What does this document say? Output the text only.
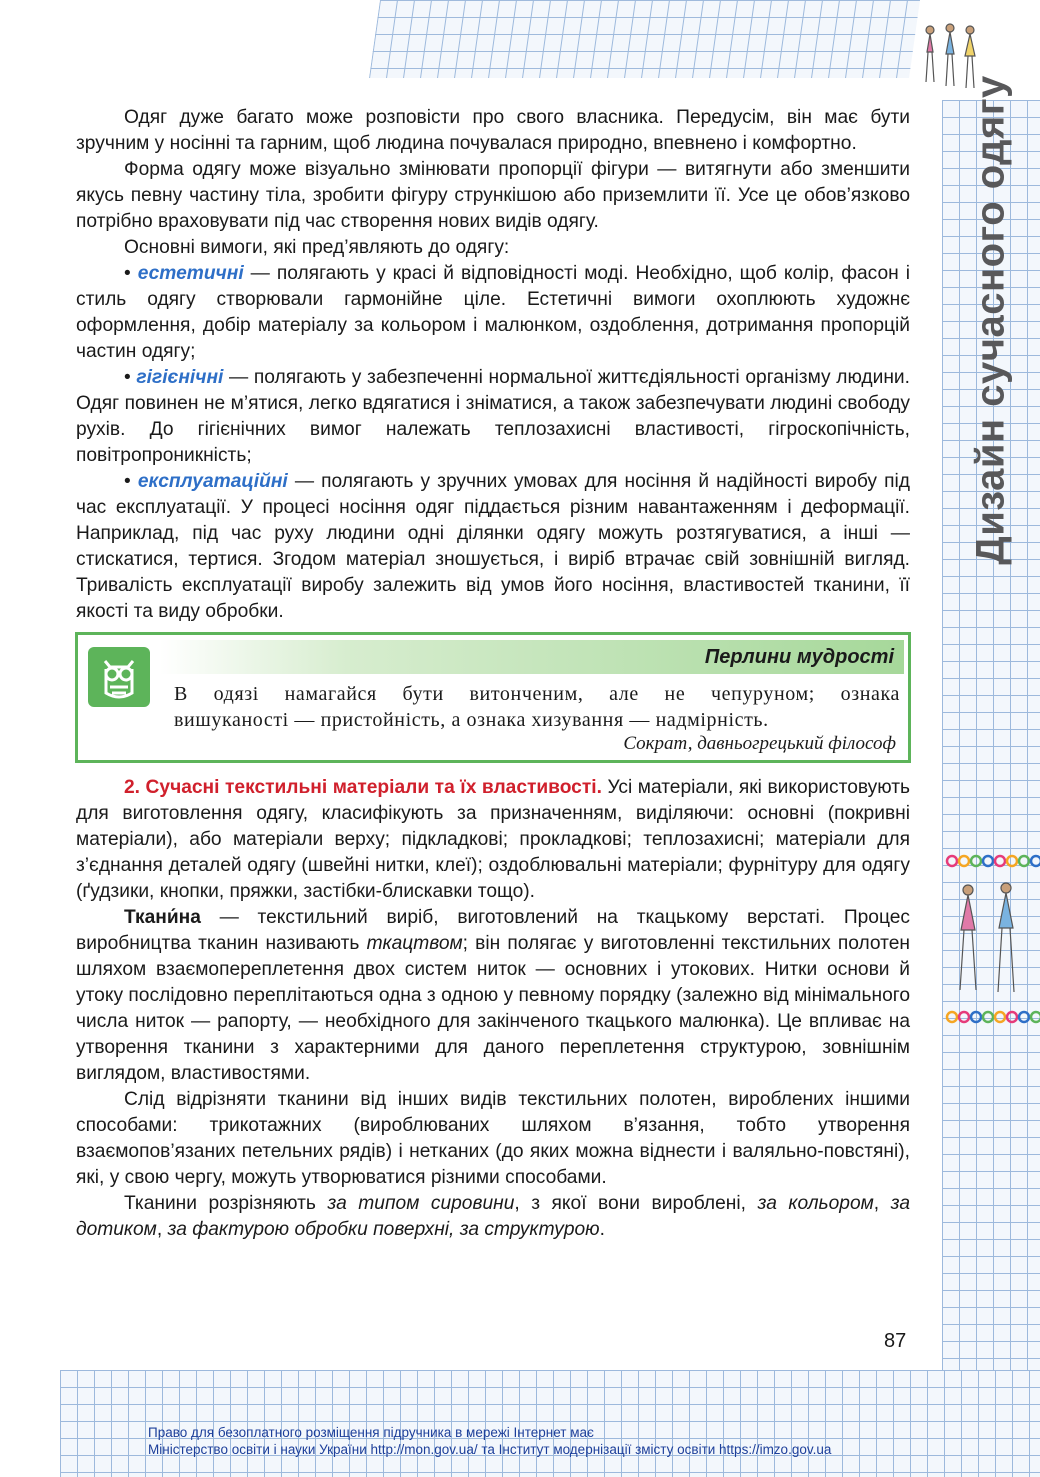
Дизайн сучасного одягу

Одяг дуже багато може розповісти про свого власника. Передусім, він має бути зручним у носінні та гарним, щоб людина почувалася природно, впевнено і комфортно.

Форма одягу може візуально змінювати пропорції фігури — витягнути або зменшити якусь певну частину тіла, зробити фігуру стрункішою або приземлити її. Усе це обов’язково потрібно враховувати під час створення нових видів одягу.

Основні вимоги, які пред’являють до одягу:

• естетичні — полягають у красі й відповідності моді. Необхідно, щоб колір, фасон і стиль одягу створювали гармонійне ціле. Естетичні вимоги охоплюють художнє оформлення, добір матеріалу за кольором і малюнком, оздоблення, дотримання пропорцій частин одягу;

• гігієнічні — полягають у забезпеченні нормальної життєдіяльності організму людини. Одяг повинен не м’ятися, легко вдягатися і зніматися, а також забезпечувати людині свободу рухів. До гігієнічних вимог належать теплозахисні властивості, гігроскопічність, повітропроникність;

• експлуатаційні — полягають у зручних умовах для носіння й надійності виробу під час експлуатації. У процесі носіння одяг піддається різним навантаженням і деформації. Наприклад, під час руху людини одні ділянки одягу можуть розтягуватися, а інші — стискатися, тертися. Згодом матеріал зношується, і виріб втрачає свій зовнішній вигляд. Тривалість експлуатації виробу залежить від умов його носіння, властивостей тканини, її якості та виду обробки.

Перлини мудрості
В одязі намагайся бути витонченим, але не чепуруном; ознака
вишуканості — пристойність, а ознака хизування — надмірність.
Сократ, давньогрецький філософ

2. Сучасні текстильні матеріали та їх властивості. Усі матеріали, які використовують для виготовлення одягу, класифікують за призначенням, виділяючи: основні (покривні матеріали), або матеріали верху; підкладкові; прокладкові; теплозахисні; матеріали для з’єднання деталей одягу (швейні нитки, клеї); оздоблювальні матеріали; фурнітуру для одягу (ґудзики, кнопки, пряжки, застібки-блискавки тощо).

Ткани́на — текстильний виріб, виготовлений на ткацькому верстаті. Процес виробництва тканин називають ткацтвом; він полягає у виготовленні текстильних полотен шляхом взаємопереплетення двох систем ниток — основних і утокових. Нитки основи й утоку послідовно переплітаються одна з одною у певному порядку (залежно від мінімального числа ниток — рапорту, — необхідного для закінченого ткацького малюнка). Це впливає на утворення тканини з характерними для даного переплетення структурою, зовнішнім виглядом, властивостями.

Слід відрізняти тканини від інших видів текстильних полотен, вироблених іншими способами: трикотажних (вироблюваних шляхом в’язання, тобто утворення взаємопов’язаних петельних рядів) і нетканих (до яких можна віднести і валяльно-повстяні), які, у свою чергу, можуть утворюватися різними способами.

Тканини розрізняють за типом сировини, з якої вони вироблені, за кольором, за дотиком, за фактурою обробки поверхні, за структурою.

87
Право для безоплатного розміщення підручника в мережі Інтернет має
Міністерство освіти і науки України http://mon.gov.ua/ та Інститут модернізації змісту освіти https://imzo.gov.ua
